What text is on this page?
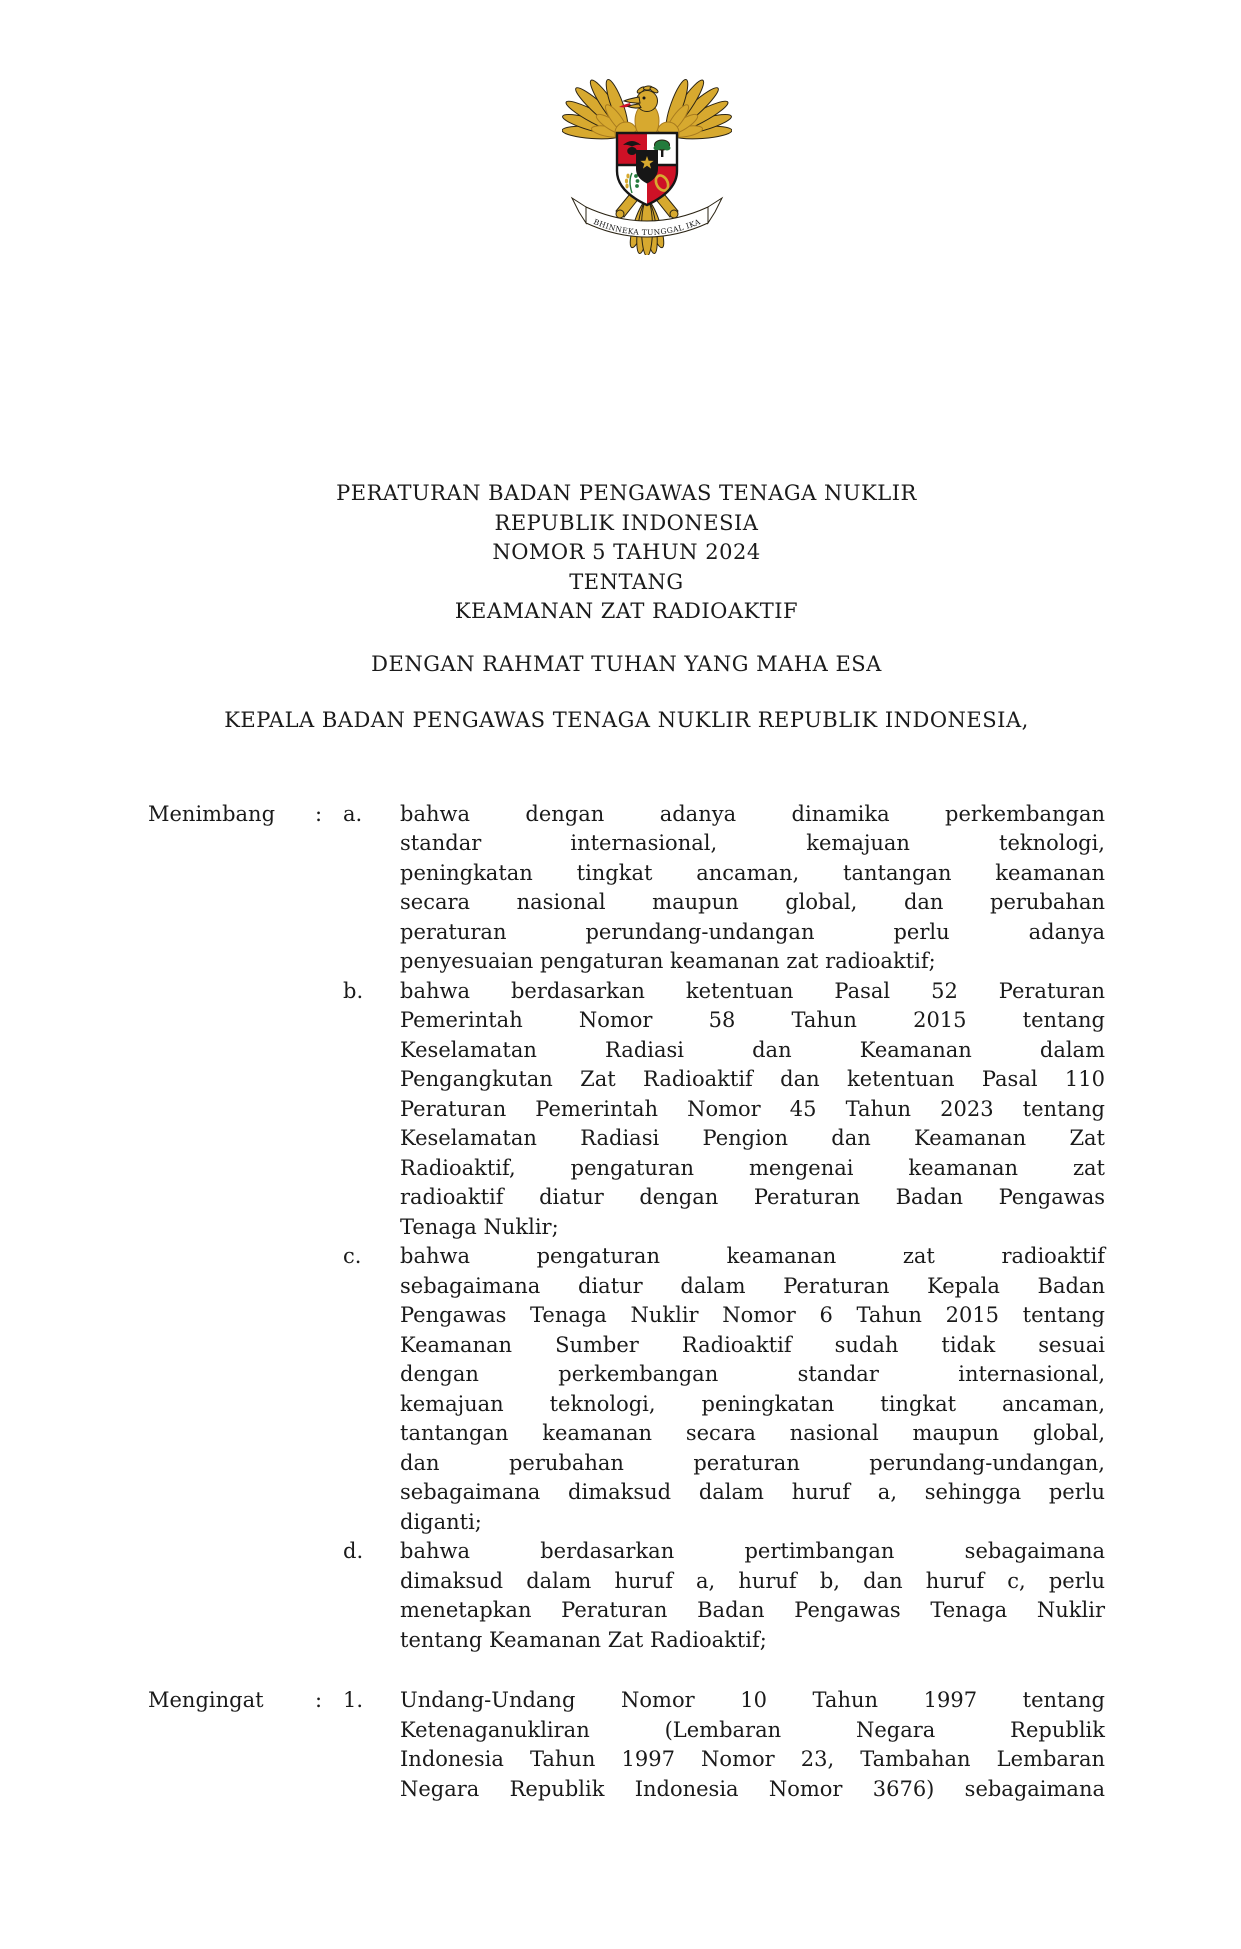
BHINNEKA TUNGGAL IKA
PERATURAN BADAN PENGAWAS TENAGA NUKLIR
REPUBLIK INDONESIA
NOMOR 5 TAHUN 2024
TENTANG
KEAMANAN ZAT RADIOAKTIF
DENGAN RAHMAT TUHAN YANG MAHA ESA
KEPALA BADAN PENGAWAS TENAGA NUKLIR REPUBLIK INDONESIA,
Menimbang	: a.	bahwa dengan adanya dinamika perkembangan
standar internasional, kemajuan teknologi,
peningkatan tingkat ancaman, tantangan keamanan
secara nasional maupun global, dan perubahan
peraturan perundang-undangan perlu adanya
penyesuaian pengaturan keamanan zat radioaktif;
b.	bahwa berdasarkan ketentuan Pasal 52 Peraturan
Pemerintah Nomor 58 Tahun 2015 tentang
Keselamatan Radiasi dan Keamanan dalam
Pengangkutan Zat Radioaktif dan ketentuan Pasal 110
Peraturan Pemerintah Nomor 45 Tahun 2023 tentang
Keselamatan Radiasi Pengion dan Keamanan Zat
Radioaktif, pengaturan mengenai keamanan zat
radioaktif diatur dengan Peraturan Badan Pengawas
Tenaga Nuklir;
c.	bahwa pengaturan keamanan zat radioaktif
sebagaimana diatur dalam Peraturan Kepala Badan
Pengawas Tenaga Nuklir Nomor 6 Tahun 2015 tentang
Keamanan Sumber Radioaktif sudah tidak sesuai
dengan perkembangan standar internasional,
kemajuan teknologi, peningkatan tingkat ancaman,
tantangan keamanan secara nasional maupun global,
dan perubahan peraturan perundang-undangan,
sebagaimana dimaksud dalam huruf a, sehingga perlu
diganti;
d.	bahwa berdasarkan pertimbangan sebagaimana
dimaksud dalam huruf a, huruf b, dan huruf c, perlu
menetapkan Peraturan Badan Pengawas Tenaga Nuklir
tentang Keamanan Zat Radioaktif;
Mengingat	: 1.	Undang-Undang Nomor 10 Tahun 1997 tentang
Ketenaganukliran (Lembaran Negara Republik
Indonesia Tahun 1997 Nomor 23, Tambahan Lembaran
Negara Republik Indonesia Nomor 3676) sebagaimana
